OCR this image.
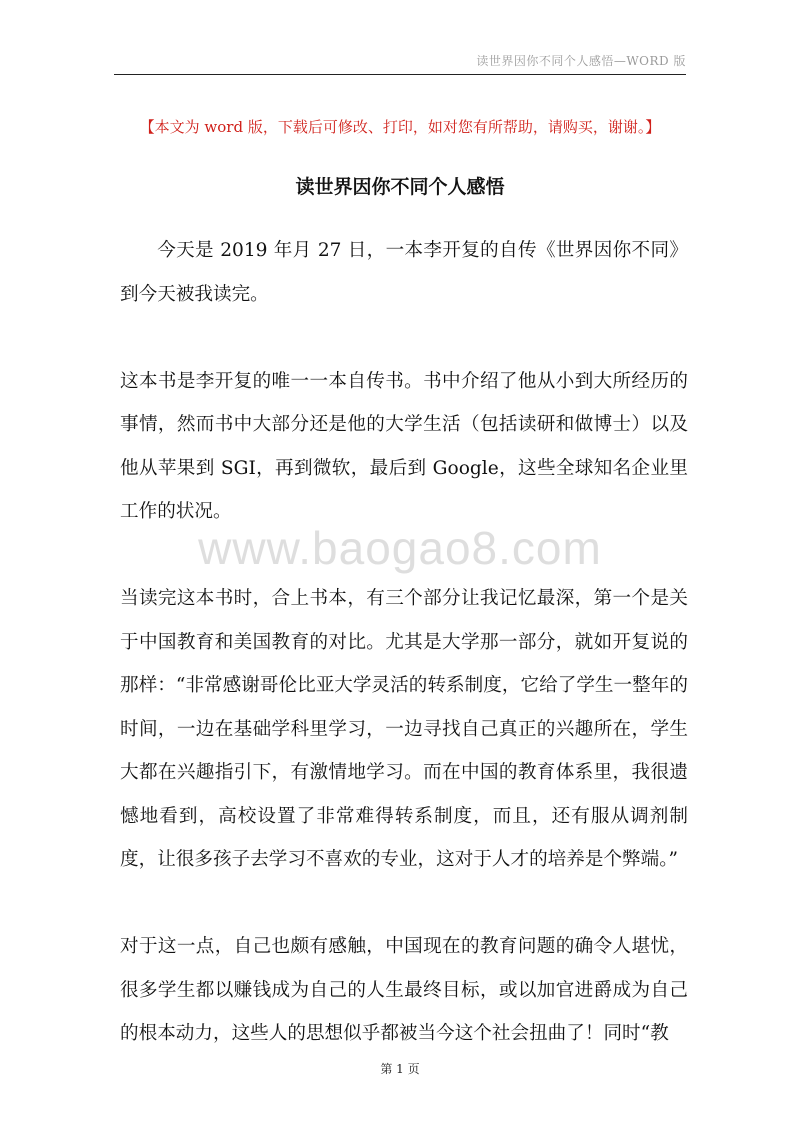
读世界因你不同个人感悟—WORD 版
【本文为 word 版，下载后可修改、打印，如对您有所帮助，请购买，谢谢。】
读世界因你不同个人感悟

今天是 2019 年月 27 日，一本李开复的自传《世界因你不同》到今天被我读完。

这本书是李开复的唯一一本自传书。书中介绍了他从小到大所经历的事情，然而书中大部分还是他的大学生活（包括读研和做博士）以及他从苹果到 SGI，再到微软，最后到 Google，这些全球知名企业里工作的状况。

当读完这本书时，合上书本，有三个部分让我记忆最深，第一个是关于中国教育和美国教育的对比。尤其是大学那一部分，就如开复说的那样：“非常感谢哥伦比亚大学灵活的转系制度，它给了学生一整年的时间，一边在基础学科里学习，一边寻找自己真正的兴趣所在，学生大都在兴趣指引下，有激情地学习。而在中国的教育体系里，我很遗憾地看到，高校设置了非常难得转系制度，而且，还有服从调剂制度，让很多孩子去学习不喜欢的专业，这对于人才的培养是个弊端。”

对于这一点，自己也颇有感触，中国现在的教育问题的确令人堪忧，很多学生都以赚钱成为自己的人生最终目标，或以加官进爵成为自己的根本动力，这些人的思想似乎都被当今这个社会扭曲了！同时“教

www.baogao8.com
第 1 页
